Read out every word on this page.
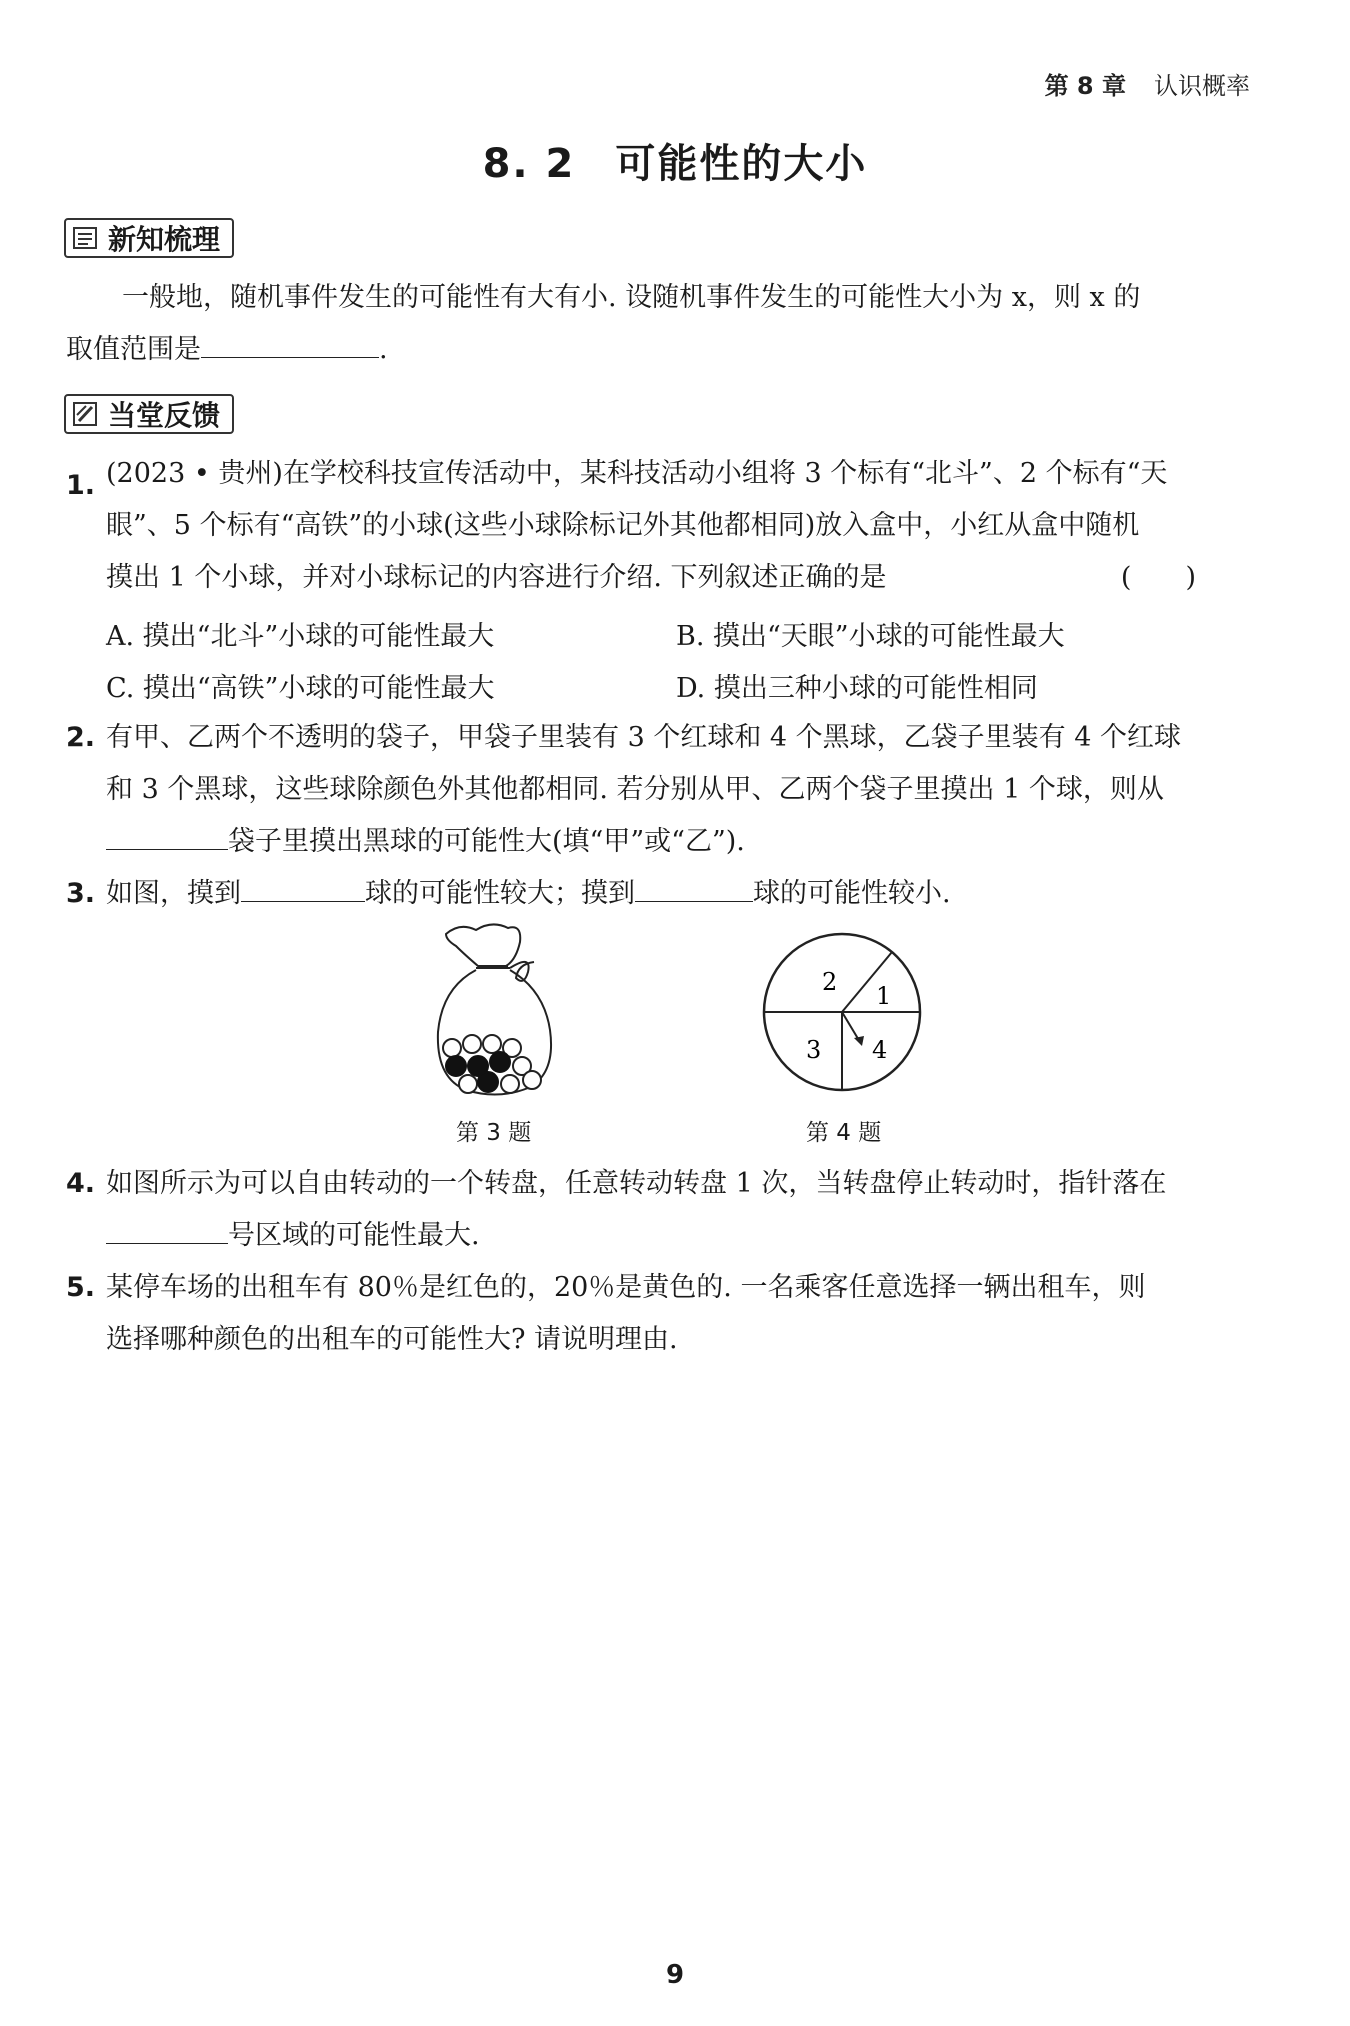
第 8 章 认识概率
8. 2 可能性的大小
新知梳理
一般地，随机事件发生的可能性有大有小. 设随机事件发生的可能性大小为 x，则 x 的
取值范围是	.
当堂反馈
1. (2023 • 贵州)在学校科技宣传活动中，某科技活动小组将 3 个标有“北斗”、2 个标有“天
眼”、5 个标有“高铁”的小球(这些小球除标记外其他都相同)放入盒中，小红从盒中随机
摸出 1 个小球，并对小球标记的内容进行介绍. 下列叙述正确的是	()
A. 摸出“北斗”小球的可能性最大	B. 摸出“天眼”小球的可能性最大
C. 摸出“高铁”小球的可能性最大	D. 摸出三种小球的可能性相同
2. 有甲、乙两个不透明的袋子，甲袋子里装有 3 个红球和 4 个黑球，乙袋子里装有 4 个红球
和 3 个黑球，这些球除颜色外其他都相同. 若分别从甲、乙两个袋子里摸出 1 个球，则从
袋子里摸出黑球的可能性大(填“甲”或“乙”).
3. 如图，摸到	球的可能性较大；摸到	球的可能性较小.
第 3 题
2 1
3 4
第 4 题
4. 如图所示为可以自由转动的一个转盘，任意转动转盘 1 次，当转盘停止转动时，指针落在
号区域的可能性最大.
5. 某停车场的出租车有 80％是红色的，20％是黄色的. 一名乘客任意选择一辆出租车，则
选择哪种颜色的出租车的可能性大? 请说明理由.
9
